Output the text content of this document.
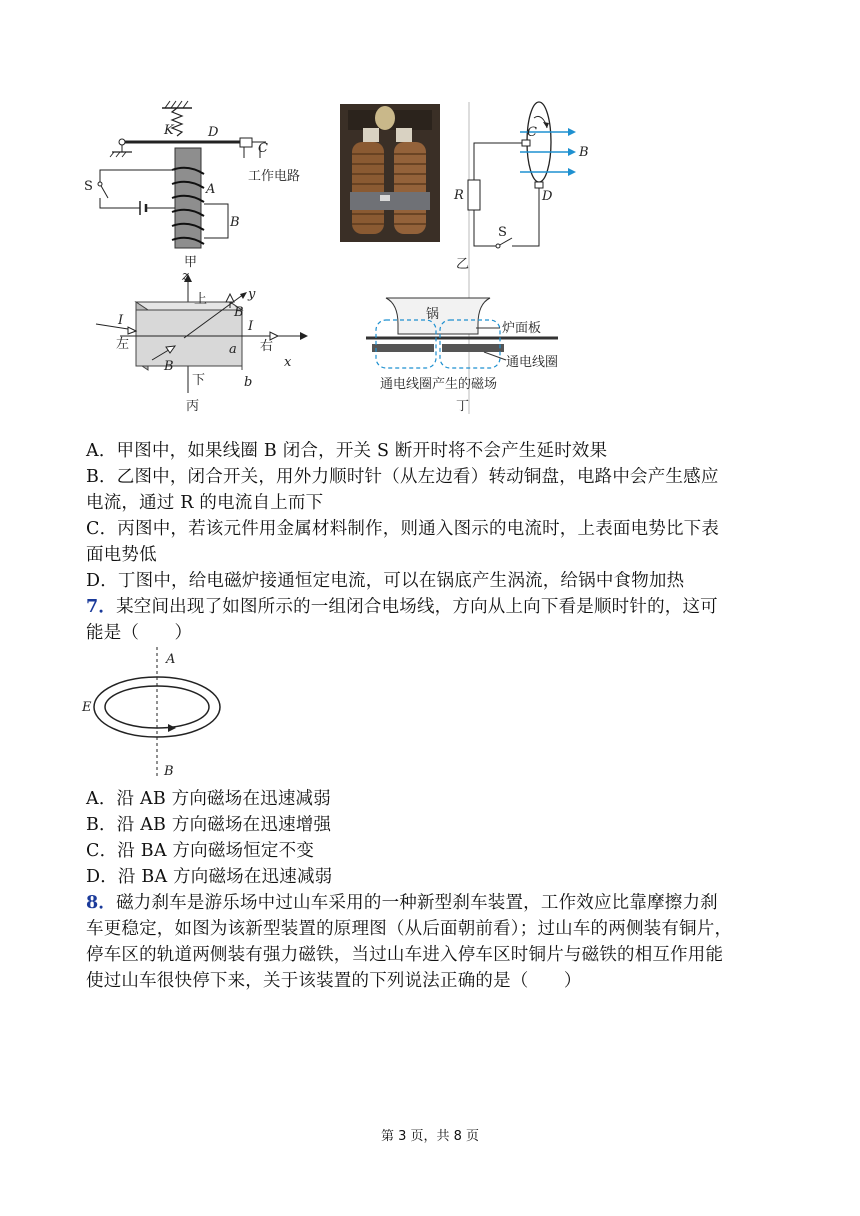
K	D
C
S	A
B
工作电路
甲
C
B
R	D
S
乙
z
y
x
上
下
左	右
I	I
B
B
a
b
丙
锅
炉面板
通电线圈
通电线圈产生的磁场
丁
A．甲图中，如果线圈 B 闭合，开关 S 断开时将不会产生延时效果
B．乙图中，闭合开关，用外力顺时针（从左边看）转动铜盘，电路中会产生感应
电流，通过 R 的电流自上而下
C．丙图中，若该元件用金属材料制作，则通入图示的电流时，上表面电势比下表
面电势低
D．丁图中，给电磁炉接通恒定电流，可以在锅底产生涡流，给锅中食物加热
7．某空间出现了如图所示的一组闭合电场线，方向从上向下看是顺时针的，这可
能是（　　）
A
B
E
A．沿 AB 方向磁场在迅速减弱
B．沿 AB 方向磁场在迅速增强
C．沿 BA 方向磁场恒定不变
D．沿 BA 方向磁场在迅速减弱
8．磁力刹车是游乐场中过山车采用的一种新型刹车装置，工作效应比靠摩擦力刹
车更稳定，如图为该新型装置的原理图（从后面朝前看）；过山车的两侧装有铜片，
停车区的轨道两侧装有强力磁铁，当过山车进入停车区时铜片与磁铁的相互作用能
使过山车很快停下来，关于该装置的下列说法正确的是（　　）
第 3 页，共 8 页
